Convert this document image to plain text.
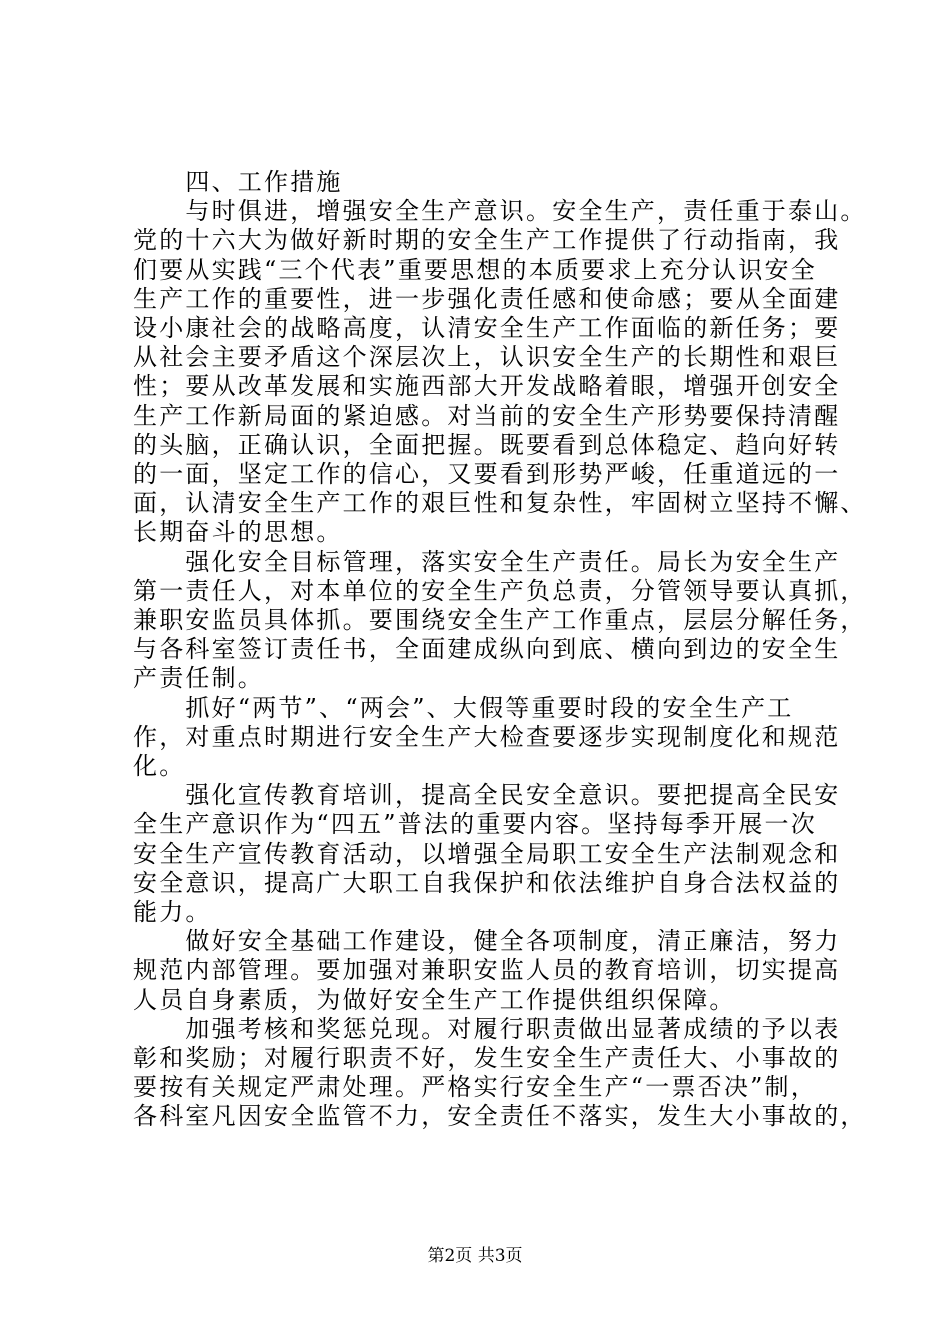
　　四、工作措施
　　与时俱进，增强安全生产意识。安全生产，责任重于泰山。
党的十六大为做好新时期的安全生产工作提供了行动指南，我
们要从实践“三个代表”重要思想的本质要求上充分认识安全
生产工作的重要性，进一步强化责任感和使命感；要从全面建
设小康社会的战略高度，认清安全生产工作面临的新任务；要
从社会主要矛盾这个深层次上，认识安全生产的长期性和艰巨
性；要从改革发展和实施西部大开发战略着眼，增强开创安全
生产工作新局面的紧迫感。对当前的安全生产形势要保持清醒
的头脑，正确认识，全面把握。既要看到总体稳定、趋向好转
的一面，坚定工作的信心，又要看到形势严峻，任重道远的一
面，认清安全生产工作的艰巨性和复杂性，牢固树立坚持不懈、
长期奋斗的思想。
　　强化安全目标管理，落实安全生产责任。局长为安全生产
第一责任人，对本单位的安全生产负总责，分管领导要认真抓，
兼职安监员具体抓。要围绕安全生产工作重点，层层分解任务，
与各科室签订责任书，全面建成纵向到底、横向到边的安全生
产责任制。
　　抓好“两节”、“两会”、大假等重要时段的安全生产工
作，对重点时期进行安全生产大检查要逐步实现制度化和规范
化。
　　强化宣传教育培训，提高全民安全意识。要把提高全民安
全生产意识作为“四五”普法的重要内容。坚持每季开展一次
安全生产宣传教育活动，以增强全局职工安全生产法制观念和
安全意识，提高广大职工自我保护和依法维护自身合法权益的
能力。
　　做好安全基础工作建设，健全各项制度，清正廉洁，努力
规范内部管理。要加强对兼职安监人员的教育培训，切实提高
人员自身素质，为做好安全生产工作提供组织保障。
　　加强考核和奖惩兑现。对履行职责做出显著成绩的予以表
彰和奖励；对履行职责不好，发生安全生产责任大、小事故的
要按有关规定严肃处理。严格实行安全生产“一票否决”制，
各科室凡因安全监管不力，安全责任不落实，发生大小事故的，
第2页 共3页
